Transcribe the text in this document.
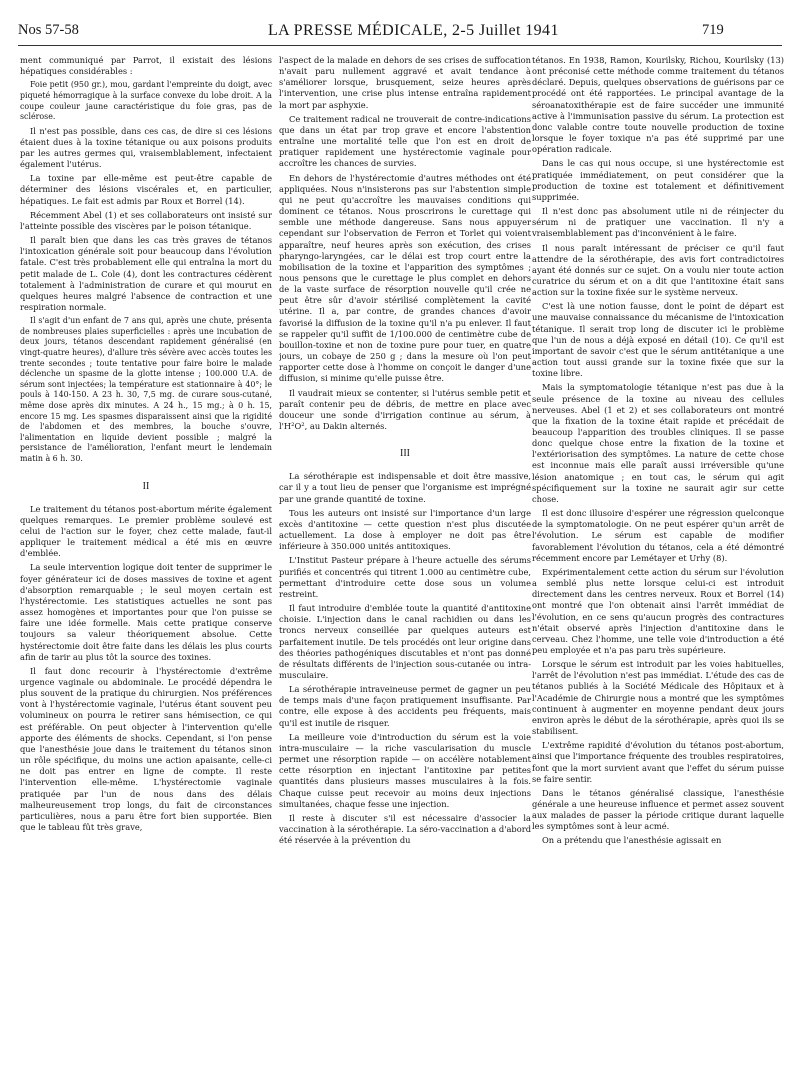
Nos 57-58	LA PRESSE MÉDICALE, 2-5 Juillet 1941	719

ment communiqué par Parrot, il existait des lésions hépatiques considérables :

Foie petit (950 gr.), mou, gardant l'empreinte du doigt, avec piqueté hémorragique à la surface convexe du lobe droit. A la coupe couleur jaune caractéristique du foie gras, pas de sclérose.

Il n'est pas possible, dans ces cas, de dire si ces lésions étaient dues à la toxine tétanique ou aux poisons produits par les autres germes qui, vraisemblablement, infectaient également l'utérus.

La toxine par elle-même est peut-être capable de déterminer des lésions viscérales et, en particulier, hépatiques. Le fait est admis par Roux et Borrel (14).

Récemment Abel (1) et ses collaborateurs ont insisté sur l'atteinte possible des viscères par le poison tétanique.

Il paraît bien que dans les cas très graves de tétanos l'intoxication générale soit pour beaucoup dans l'évolution fatale. C'est très probablement elle qui entraîna la mort du petit malade de L. Cole (4), dont les contractures cédèrent totalement à l'administration de curare et qui mourut en quelques heures malgré l'absence de contraction et une respiration normale.

Il s'agit d'un enfant de 7 ans qui, après une chute, présenta de nombreuses plaies superficielles : après une incubation de deux jours, tétanos descendant rapidement généralisé (en vingt-quatre heures), d'allure très sévère avec accès toutes les trente secondes ; toute tentative pour faire boire le malade déclenche un spasme de la glotte intense ; 100.000 U.A. de sérum sont injectées; la température est stationnaire à 40°; le pouls à 140-150. A 23 h. 30, 7,5 mg. de curare sous-cutané, même dose après dix minutes. A 24 h., 15 mg.; à 0 h. 15, encore 15 mg. Les spasmes disparaissent ainsi que la rigidité de l'abdomen et des membres, la bouche s'ouvre, l'alimentation en liquide devient possible ; malgré la persistance de l'amélioration, l'enfant meurt le lendemain matin à 6 h. 30.

II

Le traitement du tétanos post-abortum mérite également quelques remarques. Le premier problème soulevé est celui de l'action sur le foyer, chez cette malade, faut-il appliquer le traitement médical a été mis en œuvre d'emblée.

La seule intervention logique doit tenter de supprimer le foyer générateur ici de doses massives de toxine et agent d'absorption remarquable ; le seul moyen certain est l'hystérectomie. Les statistiques actuelles ne sont pas assez homogènes et importantes pour que l'on puisse se faire une idée formelle. Mais cette pratique conserve toujours sa valeur théoriquement absolue. Cette hystérectomie doit être faite dans les délais les plus courts afin de tarir au plus tôt la source des toxines.

Il faut donc recourir à l'hystérectomie d'extrême urgence vaginale ou abdominale. Le procédé dépendra le plus souvent de la pratique du chirurgien. Nos préférences vont à l'hystérectomie vaginale, l'utérus étant souvent peu volumineux on pourra le retirer sans hémisection, ce qui est préférable. On peut objecter à l'intervention qu'elle apporte des éléments de shocks. Cependant, si l'on pense que l'anesthésie joue dans le traitement du tétanos sinon un rôle spécifique, du moins une action apaisante, celle-ci ne doit pas entrer en ligne de compte. Il reste l'intervention elle-même. L'hystérectomie vaginale pratiquée par l'un de nous dans des délais malheureusement trop longs, du fait de circonstances particulières, nous a paru être fort bien supportée. Bien que le tableau fût très grave,

l'aspect de la malade en dehors de ses crises de suffocation n'avait paru nullement aggravé et avait tendance à s'améliorer lorsque, brusquement, seize heures après l'intervention, une crise plus intense entraîna rapidement la mort par asphyxie.

Ce traitement radical ne trouverait de contre-indications que dans un état par trop grave et encore l'abstention entraîne une mortalité telle que l'on est en droit de pratiquer rapidement une hystérectomie vaginale pour accroître les chances de survies.

En dehors de l'hystérectomie d'autres méthodes ont été appliquées. Nous n'insisterons pas sur l'abstention simple qui ne peut qu'accroître les mauvaises conditions qui dominent ce tétanos. Nous proscrirons le curettage qui semble une méthode dangereuse. Sans nous appuyer cependant sur l'observation de Ferron et Torlet qui voient apparaître, neuf heures après son exécution, des crises pharyngo-laryngées, car le délai est trop court entre la mobilisation de la toxine et l'apparition des symptômes ; nous pensons que le curettage le plus complet en dehors de la vaste surface de résorption nouvelle qu'il crée ne peut être sûr d'avoir stérilisé complètement la cavité utérine. Il a, par contre, de grandes chances d'avoir favorisé la diffusion de la toxine qu'il n'a pu enlever. Il faut se rappeler qu'il suffit de 1/100.000 de centimètre cube de bouillon-toxine et non de toxine pure pour tuer, en quatre jours, un cobaye de 250 g ; dans la mesure où l'on peut rapporter cette dose à l'homme on conçoit le danger d'une diffusion, si minime qu'elle puisse être.

Il vaudrait mieux se contenter, si l'utérus semble petit et paraît contenir peu de débris, de mettre en place avec douceur une sonde d'irrigation continue au sérum, à l'H²O², au Dakin alternés.

III

La sérothérapie est indispensable et doit être massive, car il y a tout lieu de penser que l'organisme est imprégné par une grande quantité de toxine.

Tous les auteurs ont insisté sur l'importance d'un large excès d'antitoxine — cette question n'est plus discutée actuellement. La dose à employer ne doit pas être inférieure à 350.000 unités antitoxiques.

L'Institut Pasteur prépare à l'heure actuelle des sérums purifiés et concentrés qui titrent 1.000 au centimètre cube, permettant d'introduire cette dose sous un volume restreint.

Il faut introduire d'emblée toute la quantité d'antitoxine choisie. L'injection dans le canal rachidien ou dans les troncs nerveux conseillée par quelques auteurs est parfaitement inutile. De tels procédés ont leur origine dans des théories pathogéniques discutables et n'ont pas donné de résultats différents de l'injection sous-cutanée ou intra-musculaire.

La sérothérapie intraveineuse permet de gagner un peu de temps mais d'une façon pratiquement insuffisante. Par contre, elle expose à des accidents peu fréquents, mais qu'il est inutile de risquer.

La meilleure voie d'introduction du sérum est la voie intra-musculaire — la riche vascularisation du muscle permet une résorption rapide — on accélère notablement cette résorption en injectant l'antitoxine par petites quantités dans plusieurs masses musculaires à la fois. Chaque cuisse peut recevoir au moins deux injections simultanées, chaque fesse une injection.

Il reste à discuter s'il est nécessaire d'associer la vaccination à la sérothérapie. La séro-vaccination a d'abord été réservée à la prévention du

tétanos. En 1938, Ramon, Kourilsky, Richou, Kourilsky (13) ont préconisé cette méthode comme traitement du tétanos déclaré. Depuis, quelques observations de guérisons par ce procédé ont été rapportées. Le principal avantage de la séroanatoxithérapie est de faire succéder une immunité active à l'immunisation passive du sérum. La protection est donc valable contre toute nouvelle production de toxine lorsque le foyer toxique n'a pas été supprimé par une opération radicale.

Dans le cas qui nous occupe, si une hystérectomie est pratiquée immédiatement, on peut considérer que la production de toxine est totalement et définitivement supprimée.

Il n'est donc pas absolument utile ni de réinjecter du sérum ni de pratiquer une vaccination. Il n'y a vraisemblablement pas d'inconvénient à le faire.

Il nous paraît intéressant de préciser ce qu'il faut attendre de la sérothérapie, des avis fort contradictoires ayant été donnés sur ce sujet. On a voulu nier toute action curatrice du sérum et on a dit que l'antitoxine était sans action sur la toxine fixée sur le système nerveux.

C'est là une notion fausse, dont le point de départ est une mauvaise connaissance du mécanisme de l'intoxication tétanique. Il serait trop long de discuter ici le problème que l'un de nous a déjà exposé en détail (10). Ce qu'il est important de savoir c'est que le sérum antitétanique a une action tout aussi grande sur la toxine fixée que sur la toxine libre.

Mais la symptomatologie tétanique n'est pas due à la seule présence de la toxine au niveau des cellules nerveuses. Abel (1 et 2) et ses collaborateurs ont montré que la fixation de la toxine était rapide et précédait de beaucoup l'apparition des troubles cliniques. Il se passe donc quelque chose entre la fixation de la toxine et l'extériorisation des symptômes. La nature de cette chose est inconnue mais elle paraît aussi irréversible qu'une lésion anatomique ; en tout cas, le sérum qui agit spécifiquement sur la toxine ne saurait agir sur cette chose.

Il est donc illusoire d'espérer une régression quelconque de la symptomatologie. On ne peut espérer qu'un arrêt de l'évolution. Le sérum est capable de modifier favorablement l'évolution du tétanos, cela a été démontré récemment encore par Lemétayer et Urhy (8).

Expérimentalement cette action du sérum sur l'évolution a semblé plus nette lorsque celui-ci est introduit directement dans les centres nerveux. Roux et Borrel (14) ont montré que l'on obtenait ainsi l'arrêt immédiat de l'évolution, en ce sens qu'aucun progrès des contractures n'était observé après l'injection d'antitoxine dans le cerveau. Chez l'homme, une telle voie d'introduction a été peu employée et n'a pas paru très supérieure.

Lorsque le sérum est introduit par les voies habituelles, l'arrêt de l'évolution n'est pas immédiat. L'étude des cas de tétanos publiés à la Société Médicale des Hôpitaux et à l'Académie de Chirurgie nous a montré que les symptômes continuent à augmenter en moyenne pendant deux jours environ après le début de la sérothérapie, après quoi ils se stabilisent.

L'extrême rapidité d'évolution du tétanos post-abortum, ainsi que l'importance fréquente des troubles respiratoires, font que la mort survient avant que l'effet du sérum puisse se faire sentir.

Dans le tétanos généralisé classique, l'anesthésie générale a une heureuse influence et permet assez souvent aux malades de passer la période critique durant laquelle les symptômes sont à leur acmé.

On a prétendu que l'anesthésie agissait en
